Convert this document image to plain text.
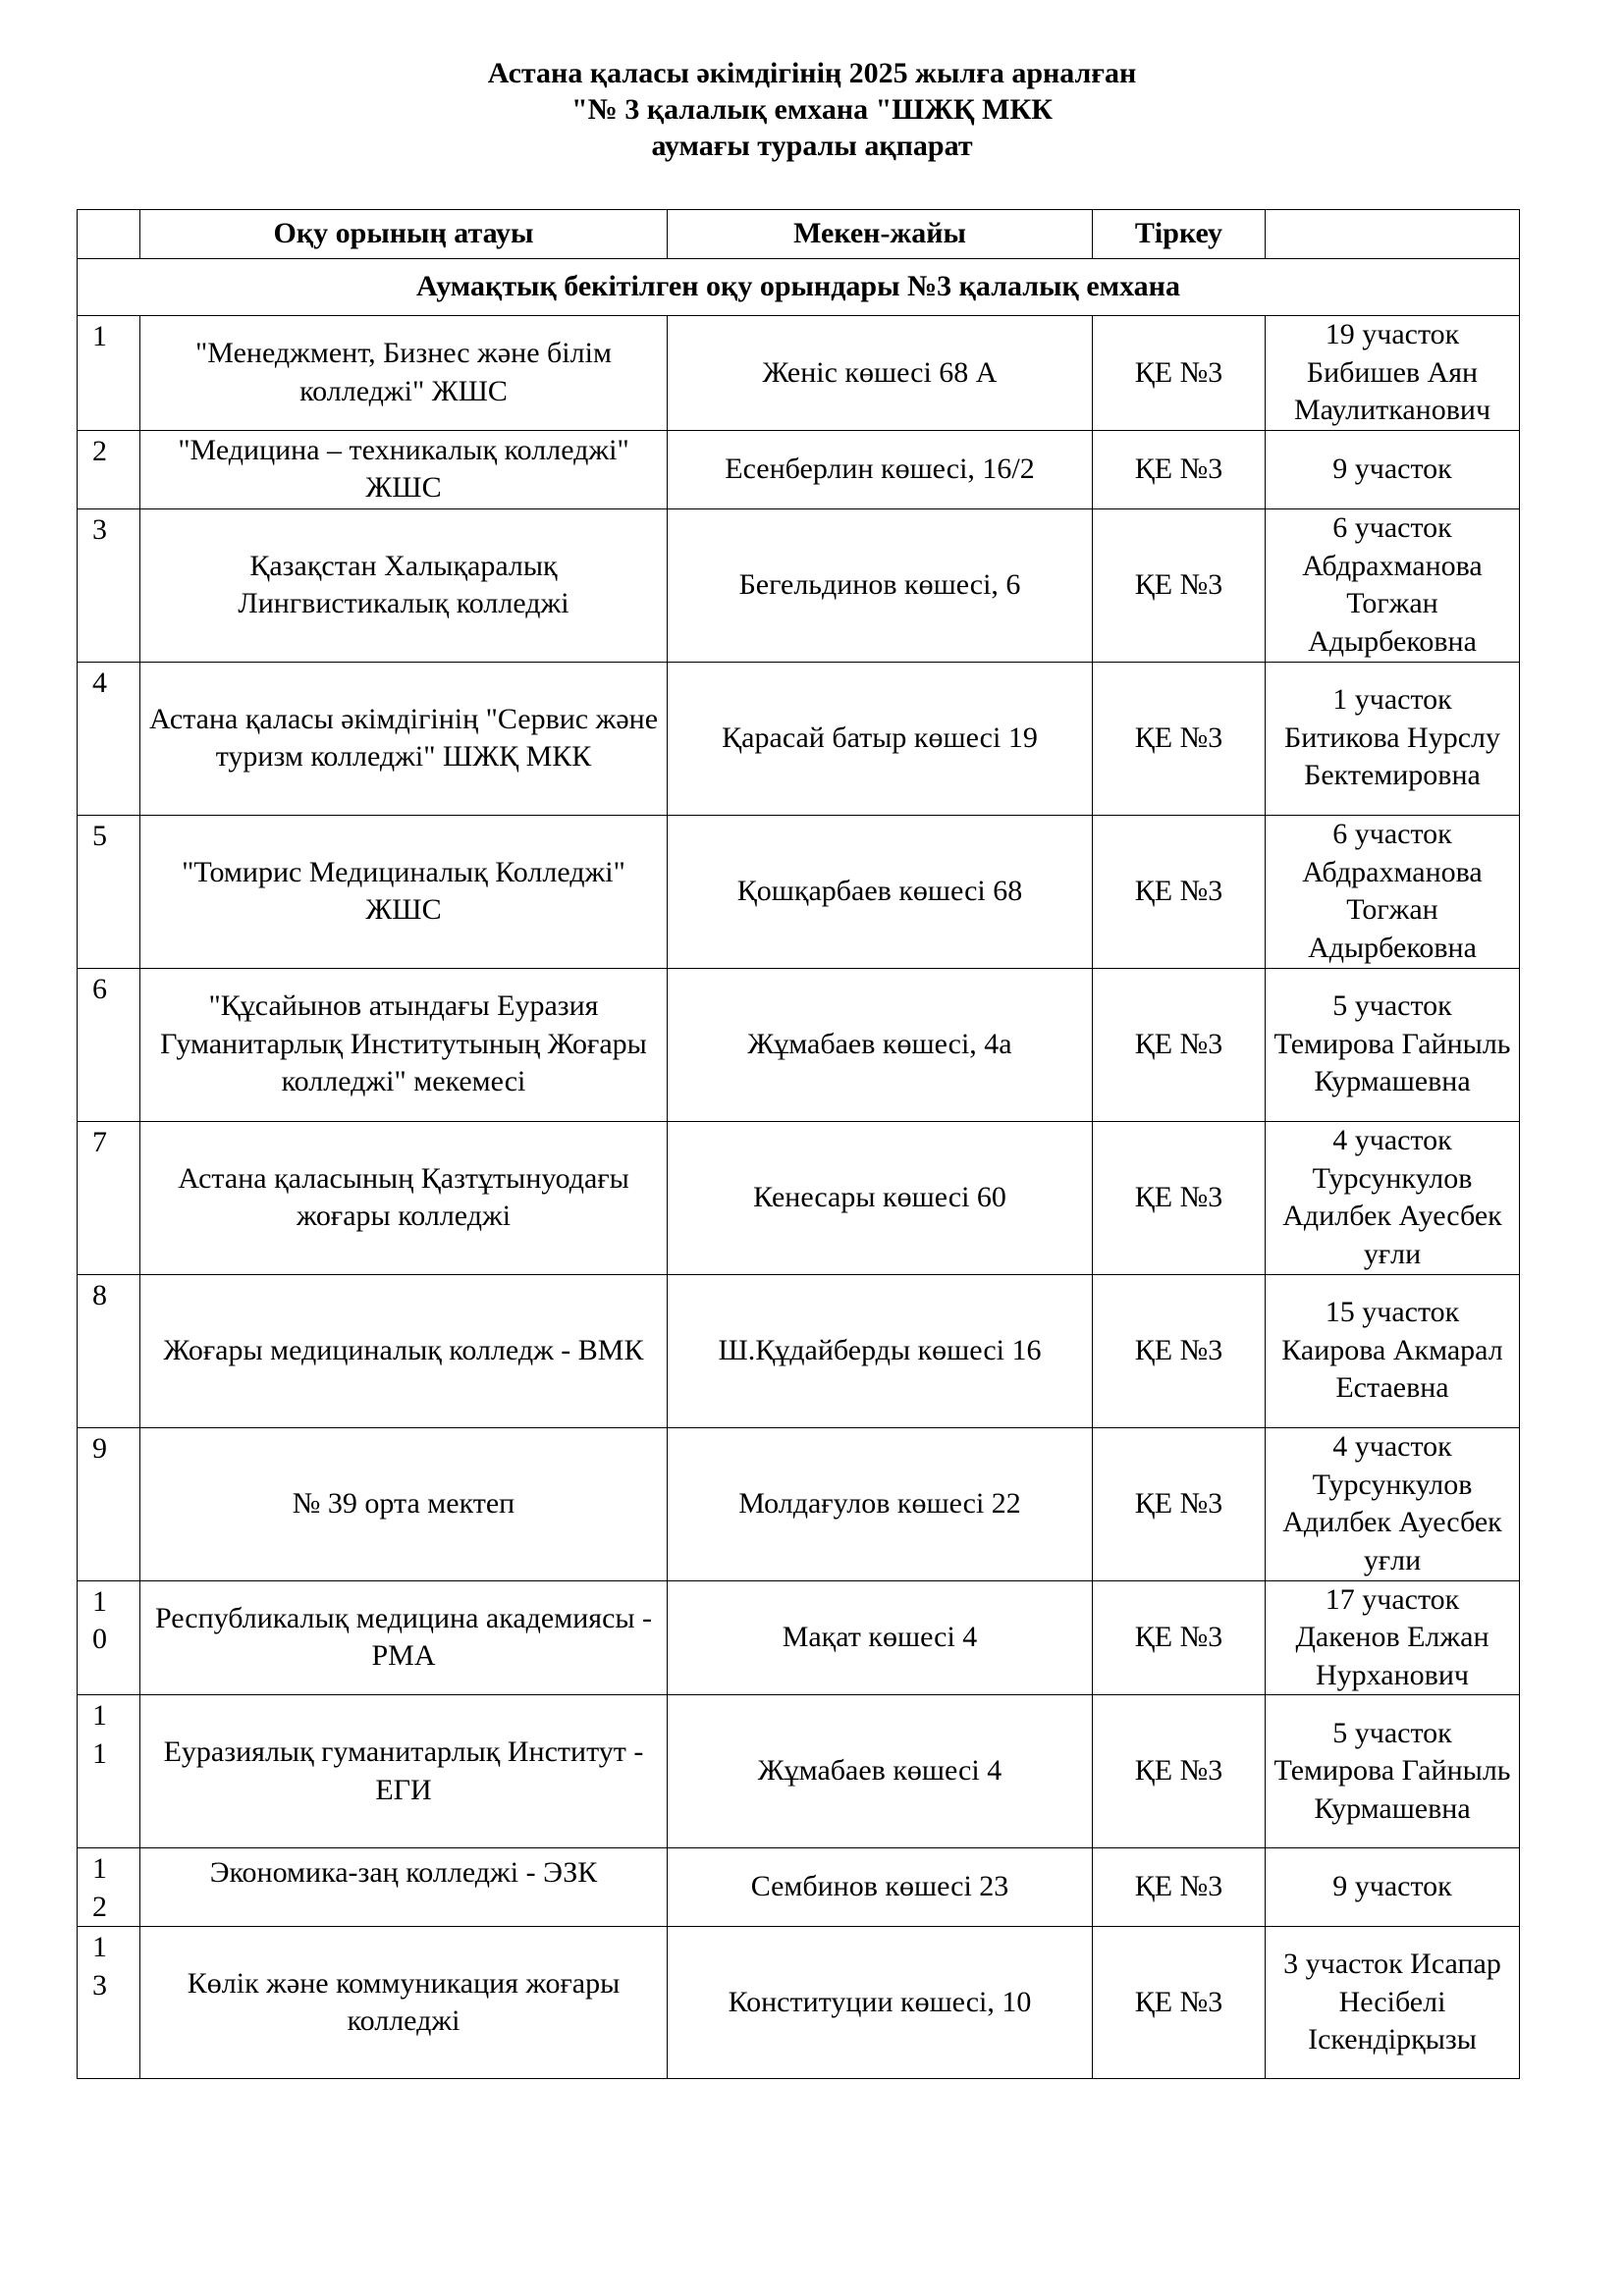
Астана қаласы әкімдігінің 2025 жылға арналған
"№ 3 қалалық емхана "ШЖҚ МКК
аумағы туралы ақпарат
	Оқу орының атауы	Мекен-жайы	Тіркеу	
Аумақтық бекітілген оқу орындары №3 қалалық емхана				

1	"Менеджмент, Бизнес және білім колледжі" ЖШС	Женіс көшесі 68 А	ҚЕ №3	19 участок Бибишев Аян Маулитканович

2	"Медицина – техникалық колледжі" ЖШС	Есенберлин көшесі, 16/2	ҚЕ №3	9 участок

3	Қазақстан Халықаралық Лингвистикалық колледжі	Бегельдинов көшесі, 6	ҚЕ №3	6 участок Абдрахманова Тогжан Адырбековна

4	Астана қаласы әкімдігінің "Сервис және туризм колледжі" ШЖҚ МКК	Қарасай батыр көшесі 19	ҚЕ №3	1 участок Битикова Нурслу Бектемировна

5	"Томирис Медициналық Колледжі" ЖШС	Қошқарбаев көшесі 68	ҚЕ №3	6 участок Абдрахманова Тогжан Адырбековна

6	"Құсайынов атындағы Еуразия Гуманитарлық Институтының Жоғары колледжі" мекемесі	Жұмабаев көшесі, 4а	ҚЕ №3	5 участок Темирова Гайныль Курмашевна

7	Астана қаласының Қазтұтынуодағы жоғары колледжі	Кенесары көшесі 60	ҚЕ №3	4 участок Турсункулов Адилбек Ауесбек уғли

8	Жоғары медициналық колледж - ВМК	Ш.Құдайберды көшесі 16	ҚЕ №3	15 участок Каирова Акмарал Естаевна

9	№ 39 орта мектеп	Молдағулов көшесі 22	ҚЕ №3	4 участок Турсункулов Адилбек Ауесбек уғли

10	Республикалық медицина академиясы - РМА	Мақат көшесі 4	ҚЕ №3	17 участок Дакенов Елжан Нурханович

11	Еуразиялық гуманитарлық Институт - ЕГИ	Жұмабаев көшесі 4	ҚЕ №3	5 участок Темирова Гайныль Курмашевна

12	Экономика-заң колледжі - ЭЗК	Сембинов көшесі 23	ҚЕ №3	9 участок

13	Көлік және коммуникация жоғары колледжі	Конституции көшесі, 10	ҚЕ №3	3 участок Исапар Несібелі Іскендірқызы
